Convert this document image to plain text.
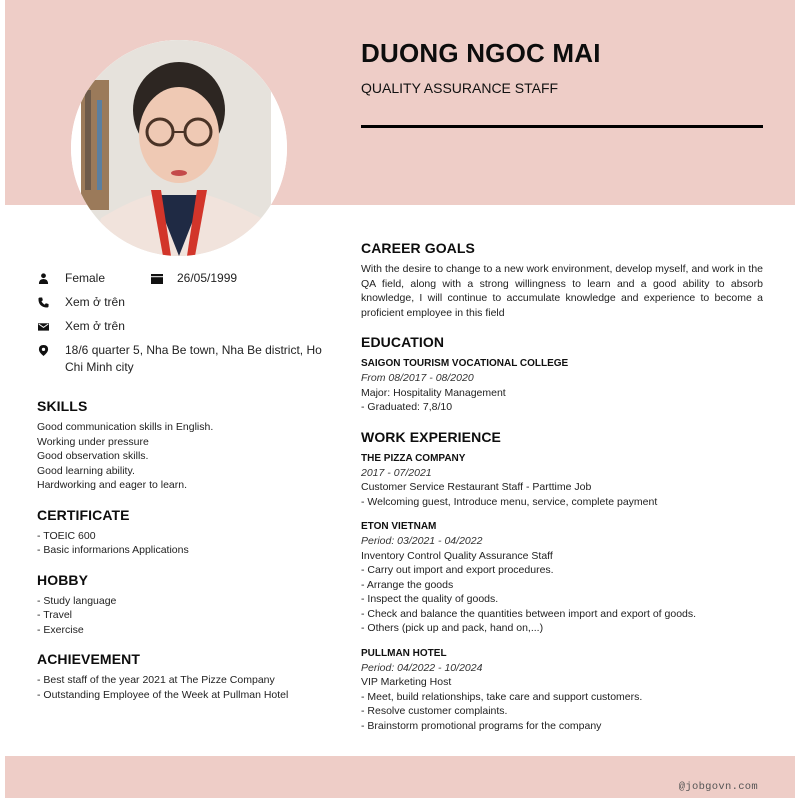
DUONG NGOC MAI
QUALITY ASSURANCE STAFF
Female	26/05/1999
Xem ở trên
Xem ở trên
18/6 quarter 5, Nha Be town, Nha Be district, Ho Chi Minh city
SKILLS
Good communication skills in English.
Working under pressure
Good observation skills.
Good learning ability.
Hardworking and eager to learn.
CERTIFICATE
- TOEIC 600
- Basic informarions Applications
HOBBY
- Study language
- Travel
- Exercise
ACHIEVEMENT
- Best staff of the year 2021 at The Pizze Company
- Outstanding Employee of the Week at Pullman Hotel
CAREER GOALS

With the desire to change to a new work environment, develop myself, and work in the QA field, along with a strong willingness to learn and a good ability to absorb knowledge, I will continue to accumulate knowledge and experience to become a proficient employee in this field

EDUCATION
SAIGON TOURISM VOCATIONAL COLLEGE
From 08/2017 - 08/2020
Major: Hospitality Management
- Graduated: 7,8/10
WORK EXPERIENCE
THE PIZZA COMPANY
2017 - 07/2021
Customer Service Restaurant Staff - Parttime Job
- Welcoming guest, Introduce menu, service, complete payment
ETON VIETNAM
Period: 03/2021 - 04/2022
Inventory Control Quality Assurance Staff
- Carry out import and export procedures.
- Arrange the goods
- Inspect the quality of goods.
- Check and balance the quantities between import and export of goods.
- Others (pick up and pack, hand on,...)
PULLMAN HOTEL
Period: 04/2022 - 10/2024
VIP Marketing Host
- Meet, build relationships, take care and support customers.
- Resolve customer complaints.
- Brainstorm promotional programs for the company
@jobgovn.com
